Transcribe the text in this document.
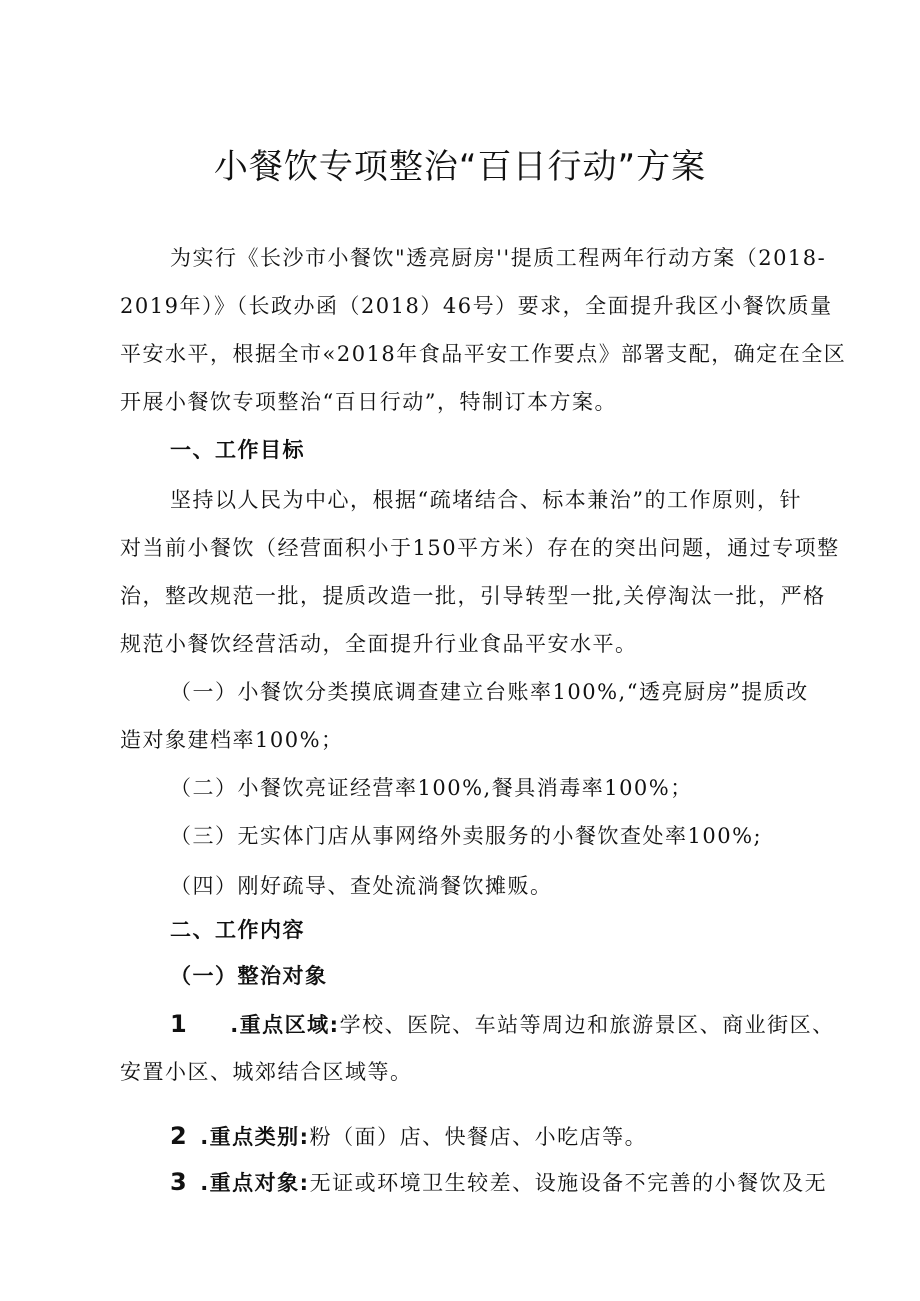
小餐饮专项整治“百日行动”方案
为实行《长沙市小餐饮"透亮厨房''提质工程两年行动方案（2018-
2019年）》（长政办函（2018）46号）要求，全面提升我区小餐饮质量
平安水平，根据全市«2018年食品平安工作要点》部署支配，确定在全区
开展小餐饮专项整治“百日行动”，特制订本方案。
一、工作目标
坚持以人民为中心，根据“疏堵结合、标本兼治”的工作原则，针
对当前小餐饮（经营面积小于150平方米）存在的突出问题，通过专项整
治，整改规范一批，提质改造一批，引导转型一批,关停淘汰一批，严格
规范小餐饮经营活动，全面提升行业食品平安水平。
（一）小餐饮分类摸底调查建立台账率100%,“透亮厨房”提质改
造对象建档率100%；
（二）小餐饮亮证经营率100%,餐具消毒率100%；
（三）无实体门店从事网络外卖服务的小餐饮查处率100%;
（四）刚好疏导、查处流淌餐饮摊贩。
二、工作内容
（一）整治对象
1 .重点区域:学校、医院、车站等周边和旅游景区、商业街区、
安置小区、城郊结合区域等。
2 .重点类别:粉（面）店、快餐店、小吃店等。
3 .重点对象:无证或环境卫生较差、设施设备不完善的小餐饮及无
